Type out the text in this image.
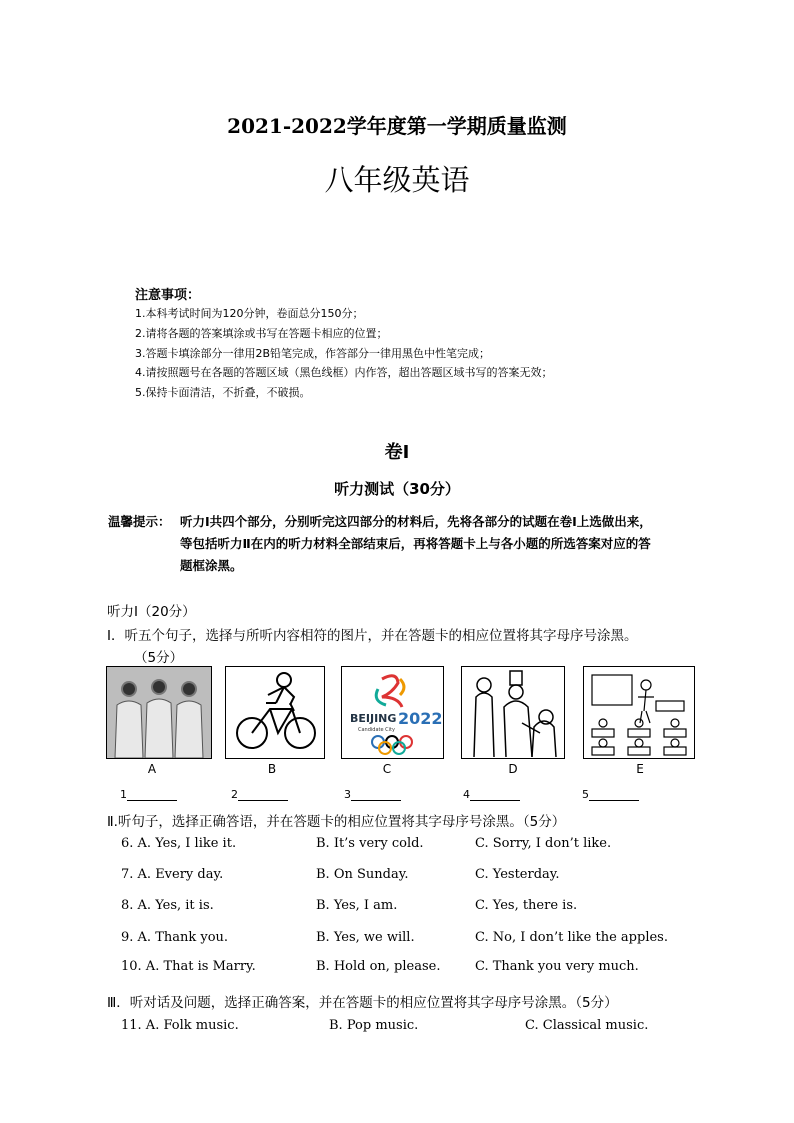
2021-2022学年度第一学期质量监测
八年级英语
注意事项：
1.本科考试时间为120分钟，卷面总分150分；
2.请将各题的答案填涂或书写在答题卡相应的位置；
3.答题卡填涂部分一律用2B铅笔完成，作答部分一律用黑色中性笔完成；
4.请按照题号在各题的答题区域（黑色线框）内作答，超出答题区域书写的答案无效；
5.保持卡面清洁，不折叠，不破损。
卷Ⅰ
听力测试（30分）
温馨提示： 听力Ⅰ共四个部分，分别听完这四部分的材料后，先将各部分的试题在卷Ⅰ上选做出来，
等包括听力Ⅱ在内的听力材料全部结束后，再将答题卡上与各小题的所选答案对应的答
题框涂黑。
听力Ⅰ（20分）
Ⅰ．听五个句子，选择与所听内容相符的图片，并在答题卡的相应位置将其字母序号涂黑。
（5分）
BEIJING 2022
Candidate City
A	B	C	D	E
1	2	3	4	5
Ⅱ.听句子，选择正确答语，并在答题卡的相应位置将其字母序号涂黑。（5分）
6. A. Yes, I like it.	B. It’s very cold.	C. Sorry, I don’t like.
7. A. Every day.	B. On Sunday.	C. Yesterday.
8. A. Yes, it is.	B. Yes, I am.	C. Yes, there is.
9. A. Thank you.	B. Yes, we will.	C. No, I don’t like the apples.
10. A. That is Marry.	B. Hold on, please.	C. Thank you very much.
Ⅲ．听对话及问题，选择正确答案，并在答题卡的相应位置将其字母序号涂黑。（5分）
11. A. Folk music.	B. Pop music.	C. Classical music.
